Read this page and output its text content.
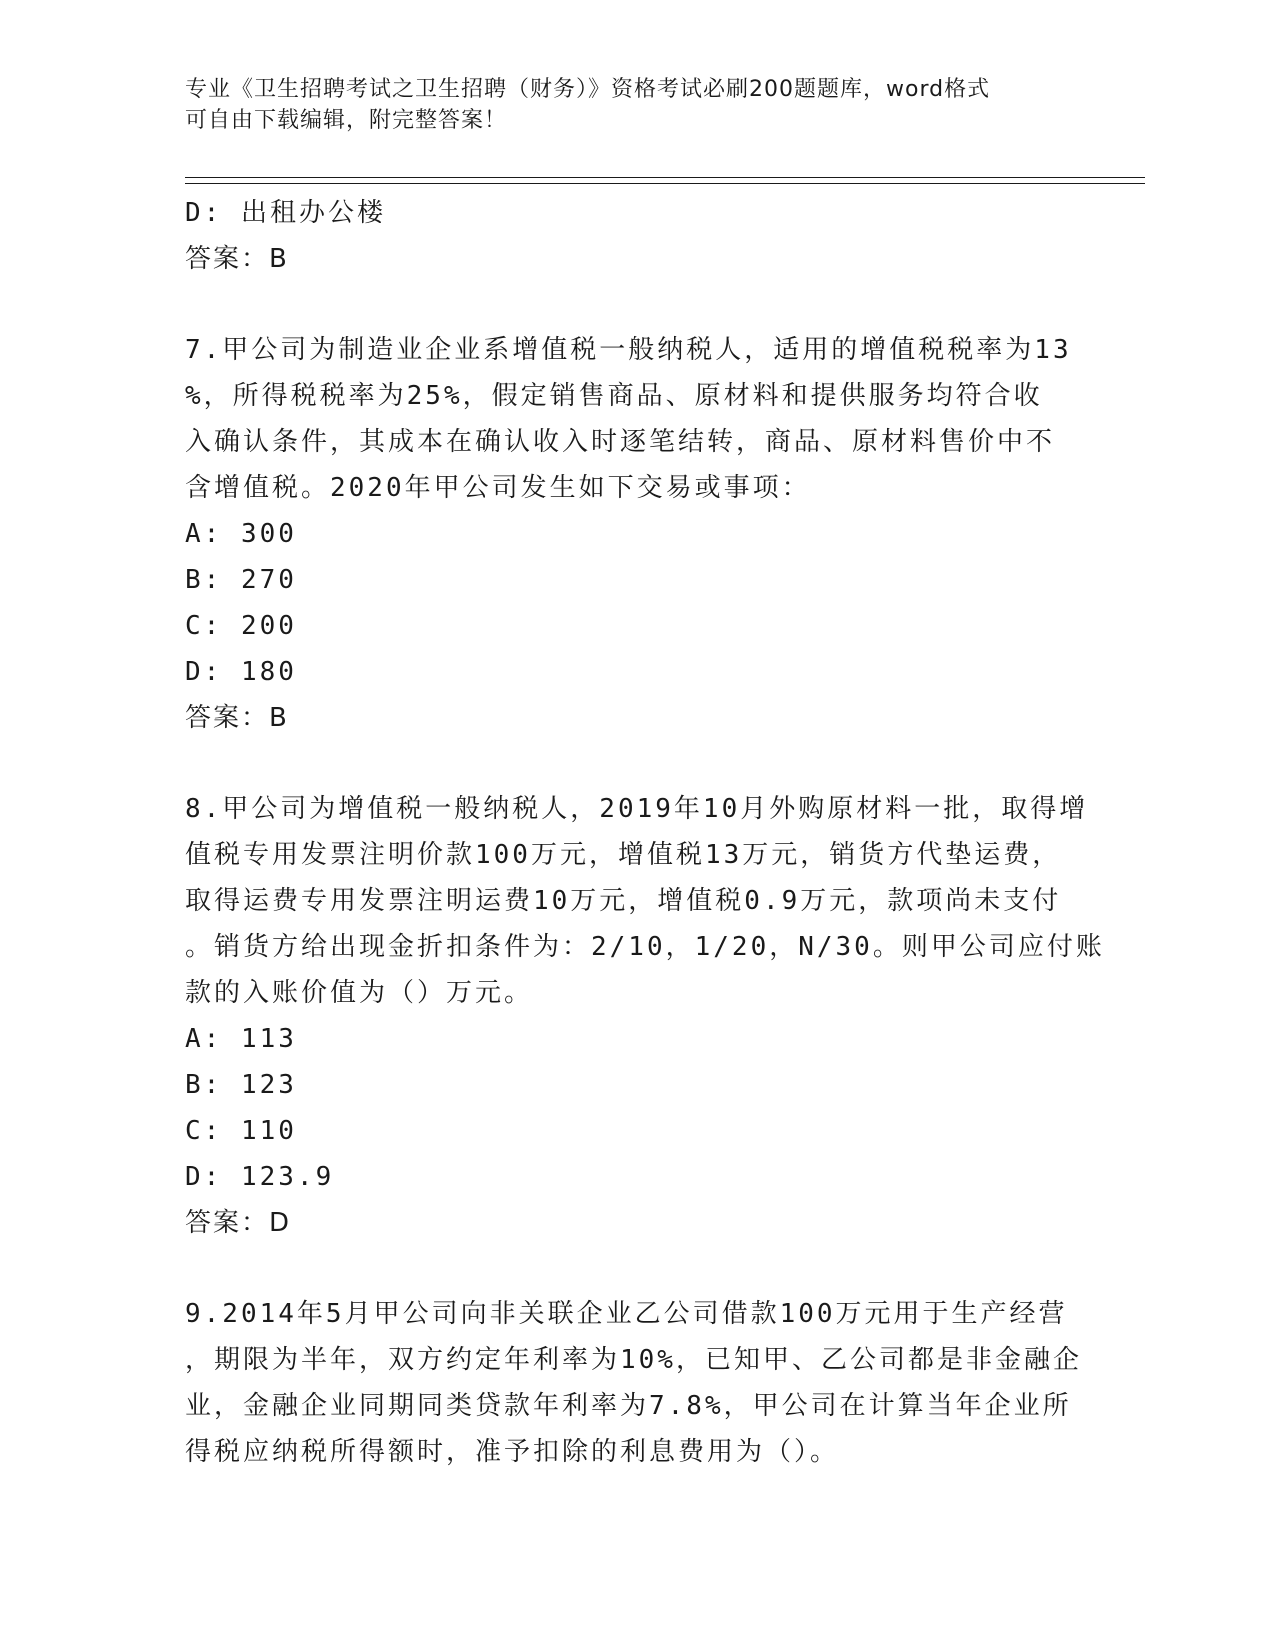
专业《卫生招聘考试之卫生招聘（财务）》资格考试必刷200题题库，word格式
可自由下载编辑，附完整答案！
D: 出租办公楼
答案：B
7.甲公司为制造业企业系增值税一般纳税人，适用的增值税税率为13
%，所得税税率为25%，假定销售商品、原材料和提供服务均符合收
入确认条件，其成本在确认收入时逐笔结转，商品、原材料售价中不
含增值税。2020年甲公司发生如下交易或事项：
A: 300
B: 270
C: 200
D: 180
答案：B
8.甲公司为增值税一般纳税人，2019年10月外购原材料一批，取得增
值税专用发票注明价款100万元，增值税13万元，销货方代垫运费，
取得运费专用发票注明运费10万元，增值税0.9万元，款项尚未支付
。销货方给出现金折扣条件为：2/10，1/20，N/30。则甲公司应付账
款的入账价值为（）万元。
A: 113
B: 123
C: 110
D: 123.9
答案：D
9.2014年5月甲公司向非关联企业乙公司借款100万元用于生产经营
，期限为半年，双方约定年利率为10%，已知甲、乙公司都是非金融企
业，金融企业同期同类贷款年利率为7.8%，甲公司在计算当年企业所
得税应纳税所得额时，准予扣除的利息费用为（）。
